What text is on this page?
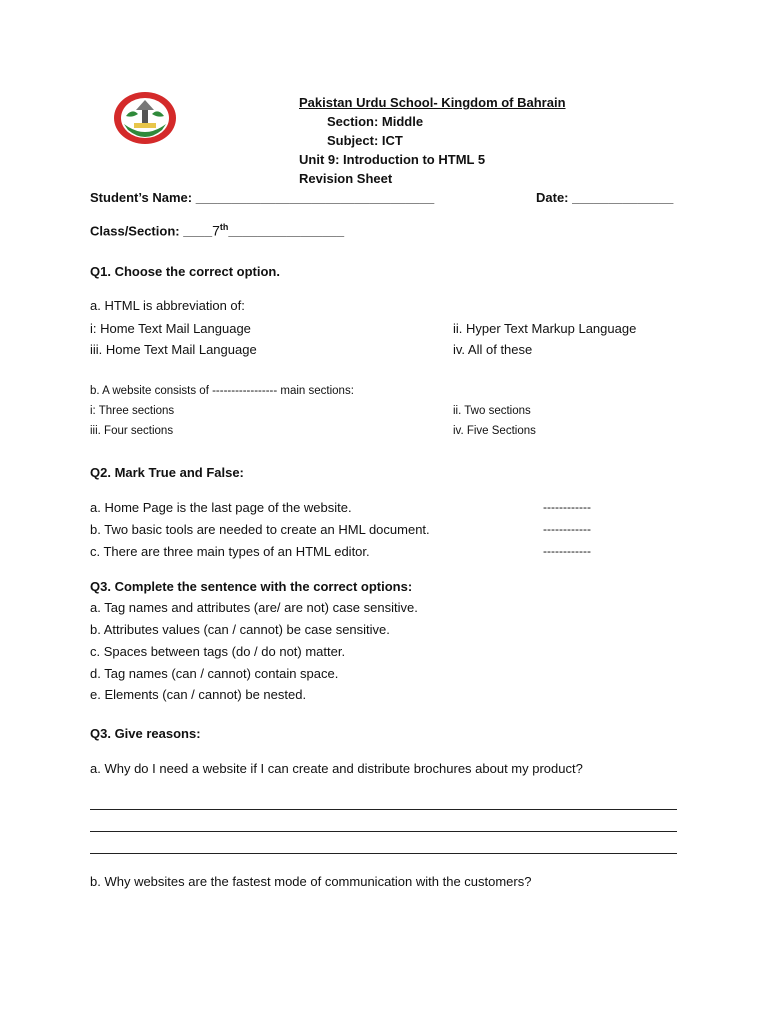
Pakistan Urdu School- Kingdom of Bahrain
Section: Middle
Subject: ICT
Unit 9: Introduction to HTML 5
Revision Sheet
Student’s Name: _________________________________	Date: ______________
Class/Section: ____7th________________
Q1. Choose the correct option.
a. HTML is abbreviation of:
i: Home Text Mail Language	ii. Hyper Text Markup Language
iii. Home Text Mail Language	iv. All of these
b. A website consists of ----------------- main sections:
i: Three sections	ii. Two sections
iii. Four sections	iv. Five Sections
Q2. Mark True and False:
a. Home Page is the last page of the website.	------------
b. Two basic tools are needed to create an HML document.	------------
c. There are three main types of an HTML editor.	------------
Q3. Complete the sentence with the correct options:
a. Tag names and attributes (are/ are not) case sensitive.
b. Attributes values (can / cannot) be case sensitive.
c. Spaces between tags (do / do not) matter.
d. Tag names (can / cannot) contain space.
e. Elements (can / cannot) be nested.
Q3. Give reasons:
a. Why do I need a website if I can create and distribute brochures about my product?
b. Why websites are the fastest mode of communication with the customers?
